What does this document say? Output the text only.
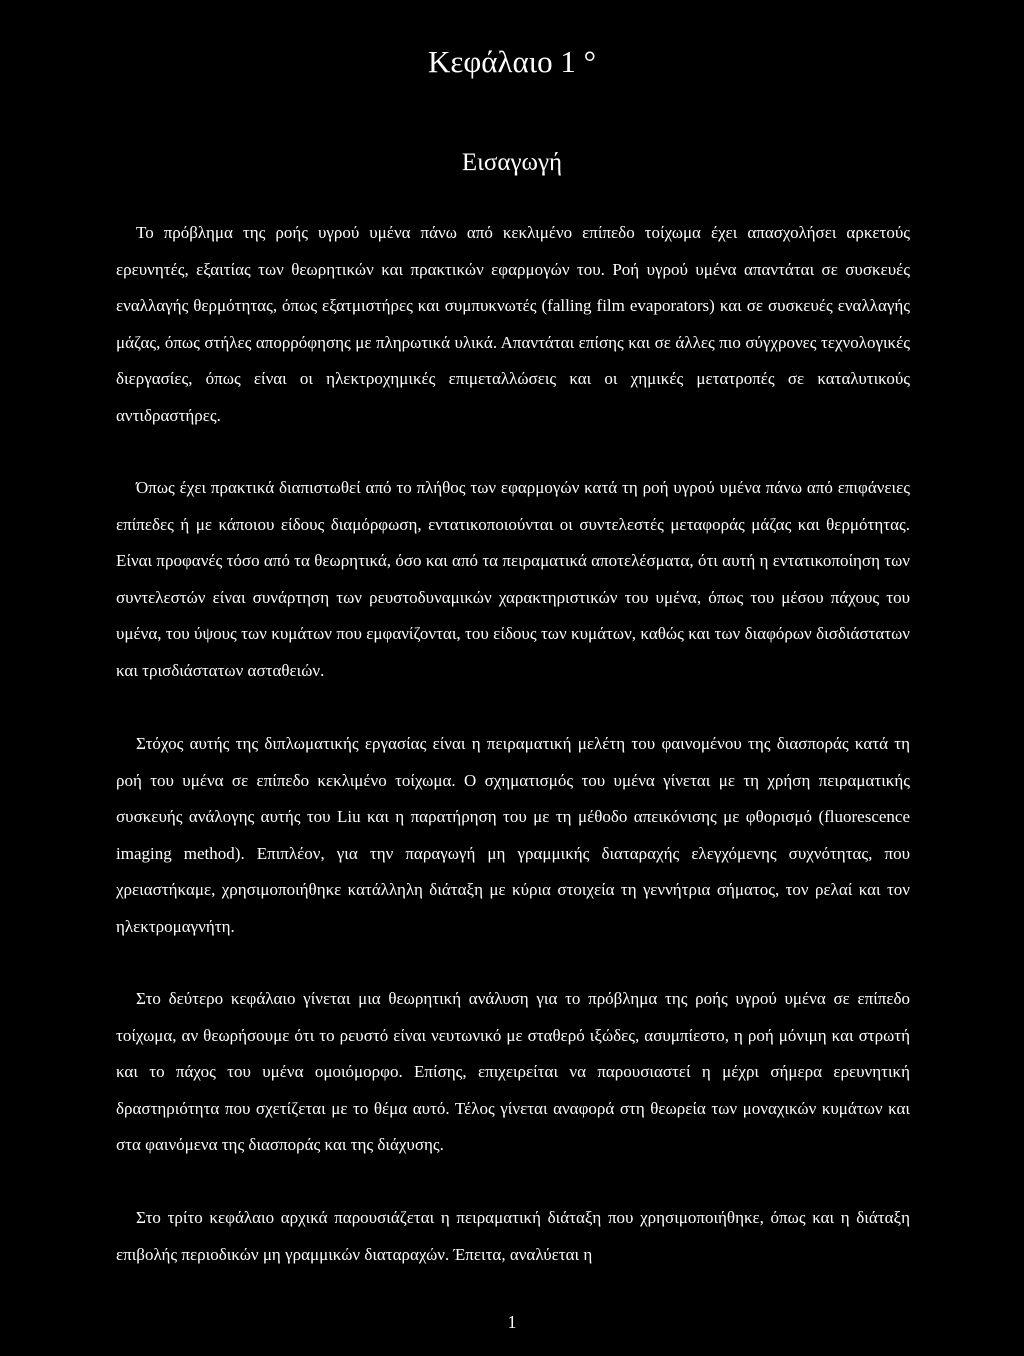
Κεφάλαιο 1 °
Εισαγωγή

Το πρόβλημα της ροής υγρού υμένα πάνω από κεκλιμένο επίπεδο τοίχωμα έχει απασχολήσει αρκετούς ερευνητές, εξαιτίας των θεωρητικών και πρακτικών εφαρμογών του. Ροή υγρού υμένα απαντάται σε συσκευές εναλλαγής θερμότητας, όπως εξατμιστήρες και συμπυκνωτές (falling film evaporators) και σε συσκευές εναλλαγής μάζας, όπως στήλες απορρόφησης με πληρωτικά υλικά. Απαντάται επίσης και σε άλλες πιο σύγχρονες τεχνολογικές διεργασίες, όπως είναι οι ηλεκτροχημικές επιμεταλλώσεις και οι χημικές μετατροπές σε καταλυτικούς αντιδραστήρες.

Όπως έχει πρακτικά διαπιστωθεί από το πλήθος των εφαρμογών κατά τη ροή υγρού υμένα πάνω από επιφάνειες επίπεδες ή με κάποιου είδους διαμόρφωση, εντατικοποιούνται οι συντελεστές μεταφοράς μάζας και θερμότητας. Είναι προφανές τόσο από τα θεωρητικά, όσο και από τα πειραματικά αποτελέσματα, ότι αυτή η εντατικοποίηση των συντελεστών είναι συνάρτηση των ρευστοδυναμικών χαρακτηριστικών του υμένα, όπως του μέσου πάχους του υμένα, του ύψους των κυμάτων που εμφανίζονται, του είδους των κυμάτων, καθώς και των διαφόρων δισδιάστατων και τρισδιάστατων ασταθειών.

Στόχος αυτής της διπλωματικής εργασίας είναι η πειραματική μελέτη του φαινομένου της διασποράς κατά τη ροή του υμένα σε επίπεδο κεκλιμένο τοίχωμα. Ο σχηματισμός του υμένα γίνεται με τη χρήση πειραματικής συσκευής ανάλογης αυτής του Liu και η παρατήρηση του με τη μέθοδο απεικόνισης με φθορισμό (fluorescence imaging method). Επιπλέον, για την παραγωγή μη γραμμικής διαταραχής ελεγχόμενης συχνότητας, που χρειαστήκαμε, χρησιμοποιήθηκε κατάλληλη διάταξη με κύρια στοιχεία τη γεννήτρια σήματος, τον ρελαί και τον ηλεκτρομαγνήτη.

Στο δεύτερο κεφάλαιο γίνεται μια θεωρητική ανάλυση για το πρόβλημα της ροής υγρού υμένα σε επίπεδο τοίχωμα, αν θεωρήσουμε ότι το ρευστό είναι νευτωνικό με σταθερό ιξώδες, ασυμπίεστο, η ροή μόνιμη και στρωτή και το πάχος του υμένα ομοιόμορφο. Επίσης, επιχειρείται να παρουσιαστεί η μέχρι σήμερα ερευνητική δραστηριότητα που σχετίζεται με το θέμα αυτό. Τέλος γίνεται αναφορά στη θεωρεία των μοναχικών κυμάτων και στα φαινόμενα της διασποράς και της διάχυσης.

Στο τρίτο κεφάλαιο αρχικά παρουσιάζεται η πειραματική διάταξη που χρησιμοποιήθηκε, όπως και η διάταξη επιβολής περιοδικών μη γραμμικών διαταραχών. Έπειτα, αναλύεται η

1
